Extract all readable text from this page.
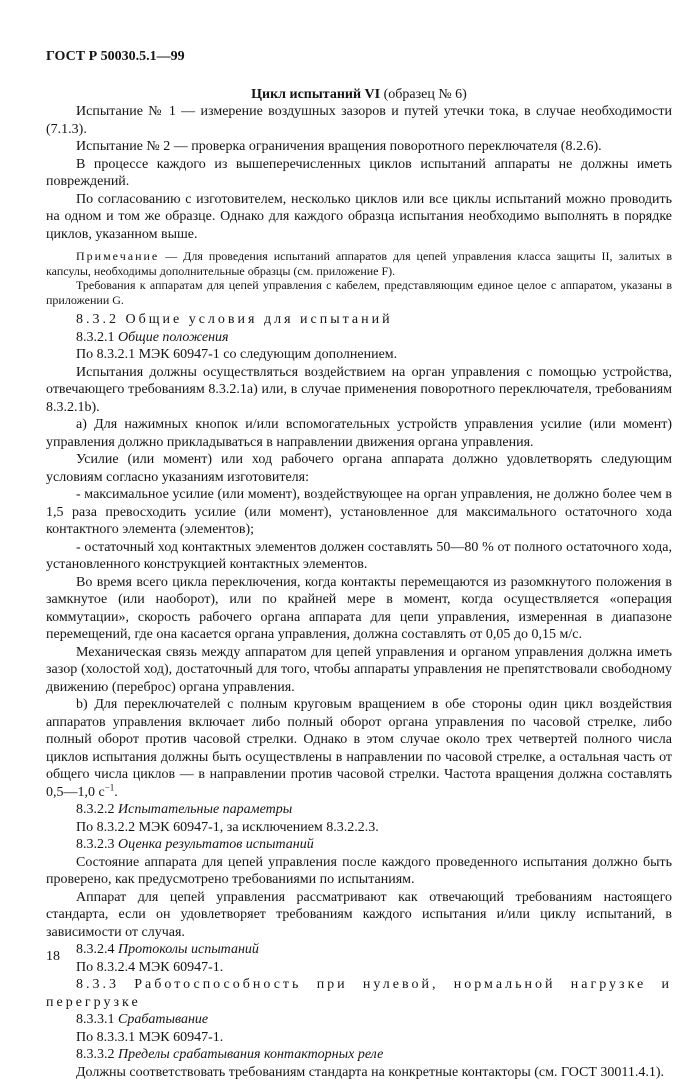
ГОСТ Р 50030.5.1—99
Цикл испытаний VI (образец № 6)

Испытание № 1 — измерение воздушных зазоров и путей утечки тока, в случае необходимости (7.1.3).

Испытание № 2 — проверка ограничения вращения поворотного переключателя (8.2.6).

В процессе каждого из вышеперечисленных циклов испытаний аппараты не должны иметь повреждений.

По согласованию с изготовителем, несколько циклов или все циклы испытаний можно проводить на одном и том же образце. Однако для каждого образца испытания необходимо выполнять в порядке циклов, указанном выше.

Примечание — Для проведения испытаний аппаратов для цепей управления класса защиты II, залитых в капсулы, необходимы дополнительные образцы (см. приложение F).

Требования к аппаратам для цепей управления с кабелем, представляющим единое целое с аппаратом, указаны в приложении G.

8.3.2 Общие условия для испытаний

8.3.2.1 Общие положения

По 8.3.2.1 МЭК 60947-1 со следующим дополнением.

Испытания должны осуществляться воздействием на орган управления с помощью устройства, отвечающего требованиям 8.3.2.1а) или, в случае применения поворотного переключателя, требованиям 8.3.2.1b).

а) Для нажимных кнопок и/или вспомогательных устройств управления усилие (или момент) управления должно прикладываться в направлении движения органа управления.

Усилие (или момент) или ход рабочего органа аппарата должно удовлетворять следующим условиям согласно указаниям изготовителя:

- максимальное усилие (или момент), воздействующее на орган управления, не должно более чем в 1,5 раза превосходить усилие (или момент), установленное для максимального остаточного хода контактного элемента (элементов);

- остаточный ход контактных элементов должен составлять 50—80 % от полного остаточного хода, установленного конструкцией контактных элементов.

Во время всего цикла переключения, когда контакты перемещаются из разомкнутого положения в замкнутое (или наоборот), или по крайней мере в момент, когда осуществляется «операция коммутации», скорость рабочего органа аппарата для цепи управления, измеренная в диапазоне перемещений, где она касается органа управления, должна составлять от 0,05 до 0,15 м/с.

Механическая связь между аппаратом для цепей управления и органом управления должна иметь зазор (холостой ход), достаточный для того, чтобы аппараты управления не препятствовали свободному движению (переброс) органа управления.

b) Для переключателей с полным круговым вращением в обе стороны один цикл воздействия аппаратов управления включает либо полный оборот органа управления по часовой стрелке, либо полный оборот против часовой стрелки. Однако в этом случае около трех четвертей полного числа циклов испытания должны быть осуществлены в направлении по часовой стрелке, а остальная часть от общего числа циклов — в направлении против часовой стрелки. Частота вращения должна составлять 0,5—1,0 $с^{-1}$.

8.3.2.2 Испытательные параметры

По 8.3.2.2 МЭК 60947-1, за исключением 8.3.2.2.3.

8.3.2.3 Оценка результатов испытаний

Состояние аппарата для цепей управления после каждого проведенного испытания должно быть проверено, как предусмотрено требованиями по испытаниям.

Аппарат для цепей управления рассматривают как отвечающий требованиям настоящего стандарта, если он удовлетворяет требованиям каждого испытания и/или циклу испытаний, в зависимости от случая.

8.3.2.4 Протоколы испытаний

По 8.3.2.4 МЭК 60947-1.

8.3.3 Работоспособность при нулевой, нормальной нагрузке и перегрузке

8.3.3.1 Срабатывание

По 8.3.3.1 МЭК 60947-1.

8.3.3.2 Пределы срабатывания контакторных реле

Должны соответствовать требованиям стандарта на конкретные контакторы (см. ГОСТ 30011.4.1).

18
